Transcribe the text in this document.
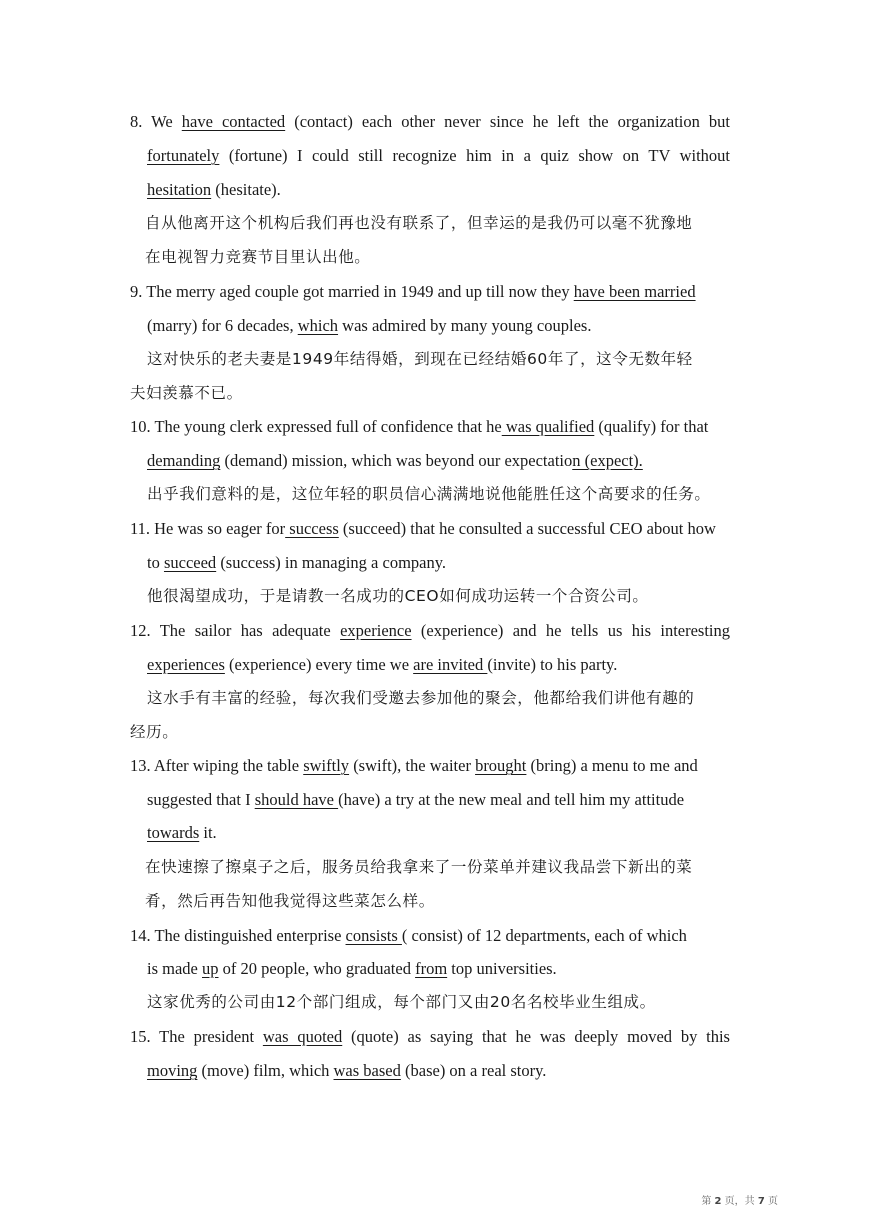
8. We have contacted (contact) each other never since he left the organization but
fortunately (fortune) I could still recognize him in a quiz show on TV without
hesitation (hesitate).
自从他离开这个机构后我们再也没有联系了，但幸运的是我仍可以毫不犹豫地
在电视智力竞赛节目里认出他。
9. The merry aged couple got married in 1949 and up till now they have been married
(marry) for 6 decades, which was admired by many young couples.
这对快乐的老夫妻是1949年结得婚，到现在已经结婚60年了，这令无数年轻
夫妇羡慕不已。
10. The young clerk expressed full of confidence that he was qualified (qualify) for that
demanding (demand) mission, which was beyond our expectation (expect).
出乎我们意料的是，这位年轻的职员信心满满地说他能胜任这个高要求的任务。
11. He was so eager for success (succeed) that he consulted a successful CEO about how
to succeed (success) in managing a company.
他很渴望成功，于是请教一名成功的CEO如何成功运转一个合资公司。
12. The sailor has adequate experience (experience) and he tells us his interesting
experiences (experience) every time we are invited (invite) to his party.
这水手有丰富的经验，每次我们受邀去参加他的聚会，他都给我们讲他有趣的
经历。
13. After wiping the table swiftly (swift), the waiter brought (bring) a menu to me and
suggested that I should have (have) a try at the new meal and tell him my attitude
towards it.
在快速擦了擦桌子之后，服务员给我拿来了一份菜单并建议我品尝下新出的菜
肴，然后再告知他我觉得这些菜怎么样。
14. The distinguished enterprise consists ( consist) of 12 departments, each of which
is made up of 20 people, who graduated from top universities.
这家优秀的公司由12个部门组成，每个部门又由20名名校毕业生组成。
15. The president was quoted (quote) as saying that he was deeply moved by this
moving (move) film, which was based (base) on a real story.
第 2 页，共 7 页
